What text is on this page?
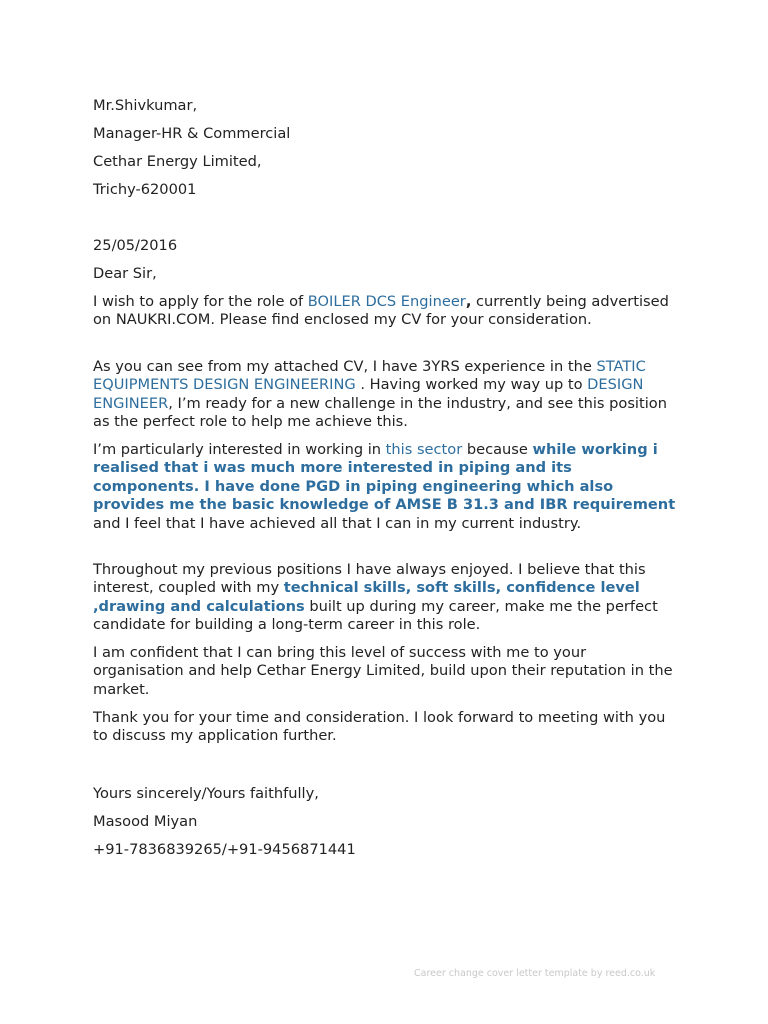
Mr.Shivkumar,
Manager-HR & Commercial
Cethar Energy Limited,
Trichy-620001
25/05/2016
Dear Sir,
I wish to apply for the role of BOILER DCS Engineer, currently being advertised on NAUKRI.COM. Please find enclosed my CV for your consideration.
As you can see from my attached CV, I have 3YRS experience in the STATIC EQUIPMENTS DESIGN ENGINEERING . Having worked my way up to DESIGN ENGINEER, I’m ready for a new challenge in the industry, and see this position as the perfect role to help me achieve this.
I’m particularly interested in working in this sector because while working i realised that i was much more interested in piping and its components. I have done PGD in piping engineering which also provides me the basic knowledge of AMSE B 31.3 and IBR requirement and I feel that I have achieved all that I can in my current industry.
Throughout my previous positions I have always enjoyed. I believe that this interest, coupled with my technical skills, soft skills, confidence level ,drawing and calculations built up during my career, make me the perfect candidate for building a long-term career in this role.
I am confident that I can bring this level of success with me to your organisation and help Cethar Energy Limited, build upon their reputation in the market.
Thank you for your time and consideration. I look forward to meeting with you to discuss my application further.
Yours sincerely/Yours faithfully,
Masood Miyan
+91-7836839265/+91-9456871441
Career change cover letter template by reed.co.uk
